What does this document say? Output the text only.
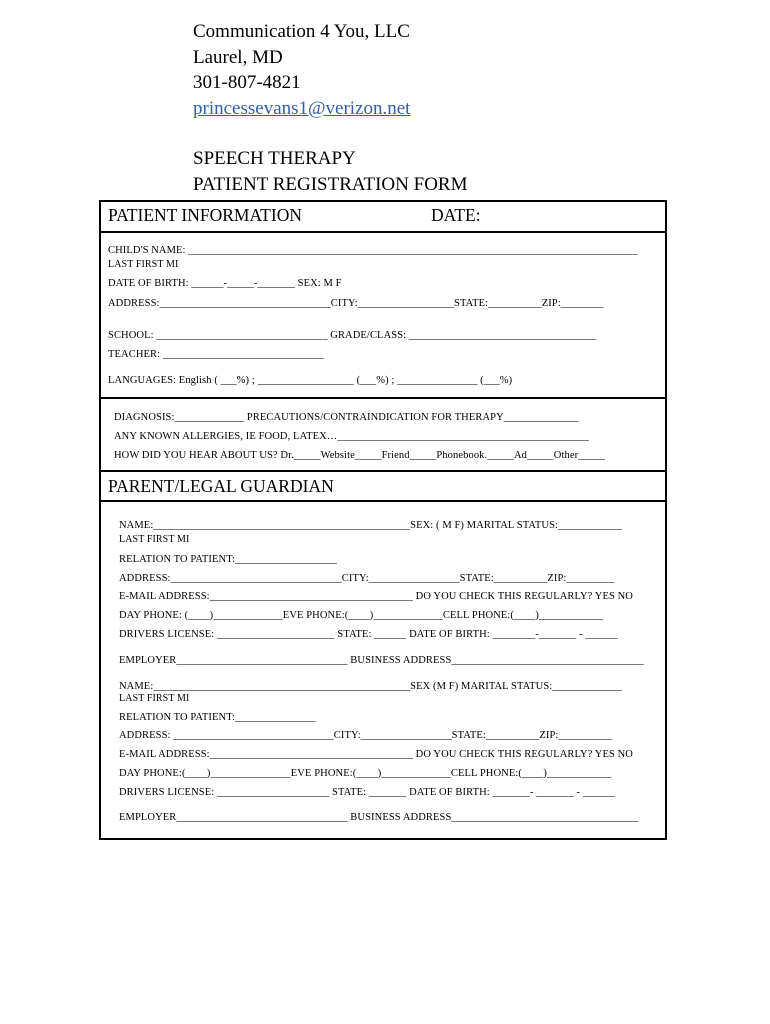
Communication 4 You, LLC
Laurel, MD
301-807-4821
princessevans1@verizon.net
SPEECH THERAPY
PATIENT REGISTRATION FORM
PATIENT INFORMATION	DATE:
CHILD'S NAME: ____________________________________________________________________________________
LAST FIRST MI
DATE OF BIRTH: ______-_____-_______ SEX: M F
ADDRESS:________________________________CITY:__________________STATE:__________ZIP:________
SCHOOL: ________________________________ GRADE/CLASS: ___________________________________
TEACHER: ______________________________
LANGUAGES: English ( ___%) ; __________________ (___%) ; _______________ (___%)
DIAGNOSIS:_____________ PRECAUTIONS/CONTRAINDICATION FOR THERAPY______________
ANY KNOWN ALLERGIES, IE FOOD, LATEX…_______________________________________________
HOW DID YOU HEAR ABOUT US? Dr._____Website_____Friend_____Phonebook._____Ad_____Other_____
PARENT/LEGAL GUARDIAN
NAME:________________________________________________SEX: ( M F) MARITAL STATUS:____________
LAST FIRST MI
RELATION TO PATIENT:___________________
ADDRESS:________________________________CITY:_________________STATE:__________ZIP:_________
E-MAIL ADDRESS:______________________________________ DO YOU CHECK THIS REGULARLY? YES NO
DAY PHONE: (____)_____________EVE PHONE:(____)_____________CELL PHONE:(____)____________
DRIVERS LICENSE: ______________________ STATE: ______ DATE OF BIRTH: ________-_______ - ______
EMPLOYER________________________________ BUSINESS ADDRESS____________________________________
NAME:________________________________________________SEX (M F) MARITAL STATUS:_____________
LAST FIRST MI
RELATION TO PATIENT:_______________
ADDRESS: ______________________________CITY:_________________STATE:__________ZIP:__________
E-MAIL ADDRESS:______________________________________ DO YOU CHECK THIS REGULARLY? YES NO
DAY PHONE:(____)_______________EVE PHONE:(____)_____________CELL PHONE:(____)____________
DRIVERS LICENSE: _____________________ STATE: _______ DATE OF BIRTH: _______- _______ - ______
EMPLOYER________________________________ BUSINESS ADDRESS___________________________________
